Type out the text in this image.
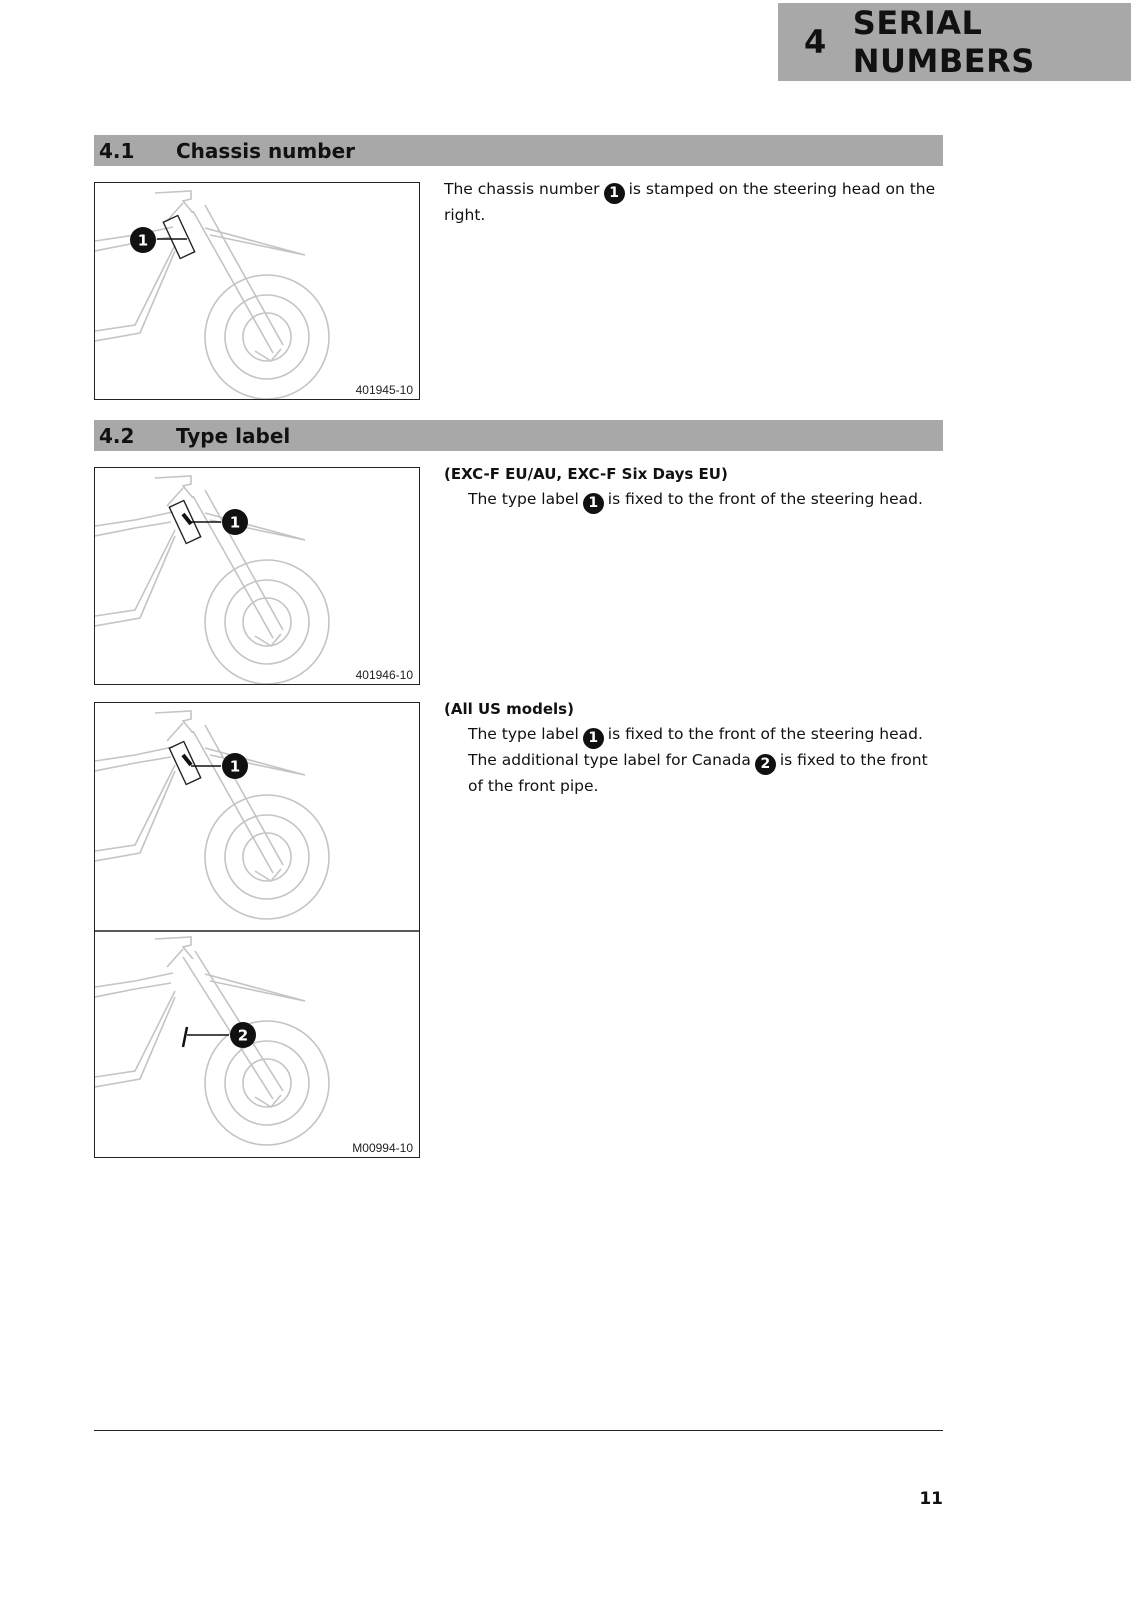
4 SERIAL NUMBERS
4.1	Chassis number
1
401945-10
The chassis number 1 is stamped on the steering head on the right.
4.2	Type label
1
401946-10
(EXC-F EU/AU, EXC-F Six Days EU)
The type label 1 is fixed to the front of the steering head.
1
2
M00994-10
(All US models)
The type label 1 is fixed to the front of the steering head.
The additional type label for Canada 2 is fixed to the front of the front pipe.
11
